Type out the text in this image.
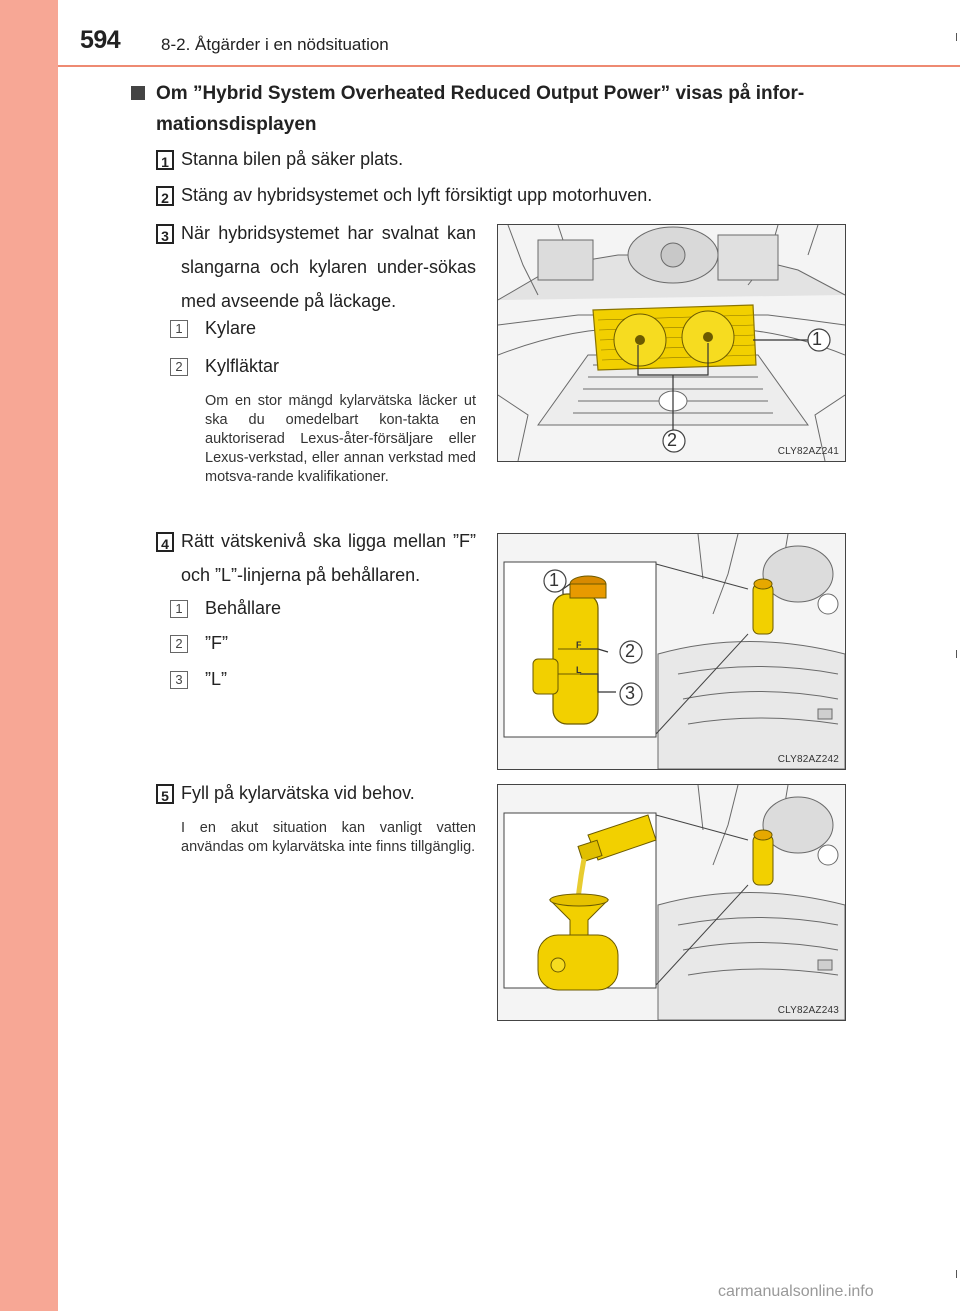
594 8-2. Åtgärder i en nödsituation
Om ”Hybrid System Overheated Reduced Output Power” visas på infor-mationsdisplayen
1 Stanna bilen på säker plats.
2 Stäng av hybridsystemet och lyft försiktigt upp motorhuven.
3 När hybridsystemet har svalnat kan slangarna och kylaren under-sökas med avseende på läckage.
1 Kylare
2 Kylfläktar
Om en stor mängd kylarvätska läcker ut ska du omedelbart kon-takta en auktoriserad Lexus-åter-försäljare eller Lexus-verkstad, eller annan verkstad med motsva-rande kvalifikationer.
1
2
CLY82AZ241
4 Rätt vätskenivå ska ligga mellan ”F” och ”L”-linjerna på behållaren.
1 Behållare
2 ”F”
3 ”L”
1
2
3
F
L
CLY82AZ242
5 Fyll på kylarvätska vid behov.
I en akut situation kan vanligt vatten användas om kylarvätska inte finns tillgänglig.
CLY82AZ243
carmanualsonline.info
